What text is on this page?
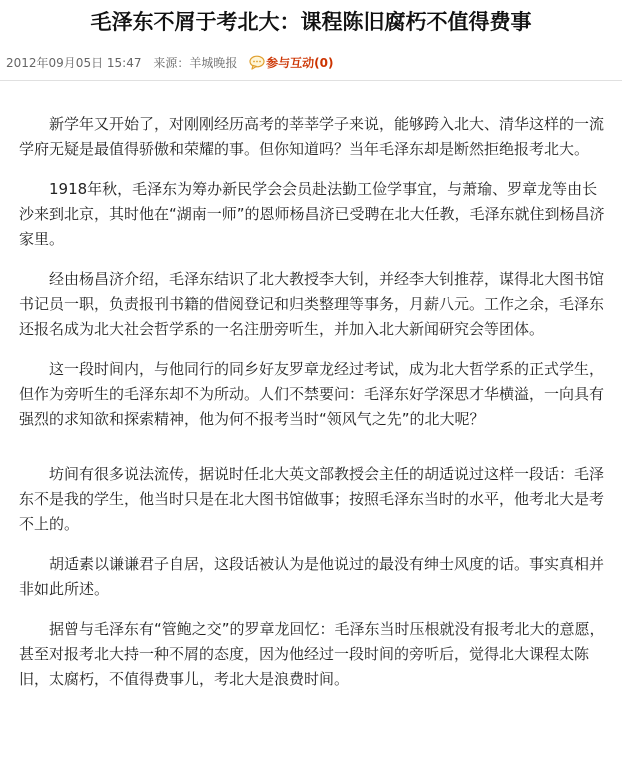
毛泽东不屑于考北大：课程陈旧腐朽不值得费事
2012年09月05日 15:47 来源：羊城晚报 参与互动(0)

新学年又开始了，对刚刚经历高考的莘莘学子来说，能够跨入北大、清华这样的一流学府无疑是最值得骄傲和荣耀的事。但你知道吗？当年毛泽东却是断然拒绝报考北大。

1918年秋，毛泽东为筹办新民学会会员赴法勤工俭学事宜，与萧瑜、罗章龙等由长沙来到北京，其时他在“湖南一师”的恩师杨昌济已受聘在北大任教，毛泽东就住到杨昌济家里。

经由杨昌济介绍，毛泽东结识了北大教授李大钊，并经李大钊推荐，谋得北大图书馆书记员一职，负责报刊书籍的借阅登记和归类整理等事务，月薪八元。工作之余，毛泽东还报名成为北大社会哲学系的一名注册旁听生，并加入北大新闻研究会等团体。

这一段时间内，与他同行的同乡好友罗章龙经过考试，成为北大哲学系的正式学生，但作为旁听生的毛泽东却不为所动。人们不禁要问：毛泽东好学深思才华横溢，一向具有强烈的求知欲和探索精神，他为何不报考当时“领风气之先”的北大呢？

坊间有很多说法流传，据说时任北大英文部教授会主任的胡适说过这样一段话：毛泽东不是我的学生，他当时只是在北大图书馆做事；按照毛泽东当时的水平，他考北大是考不上的。

胡适素以谦谦君子自居，这段话被认为是他说过的最没有绅士风度的话。事实真相并非如此所述。

据曾与毛泽东有“管鲍之交”的罗章龙回忆：毛泽东当时压根就没有报考北大的意愿，甚至对报考北大持一种不屑的态度，因为他经过一段时间的旁听后，觉得北大课程太陈旧，太腐朽，不值得费事儿，考北大是浪费时间。
